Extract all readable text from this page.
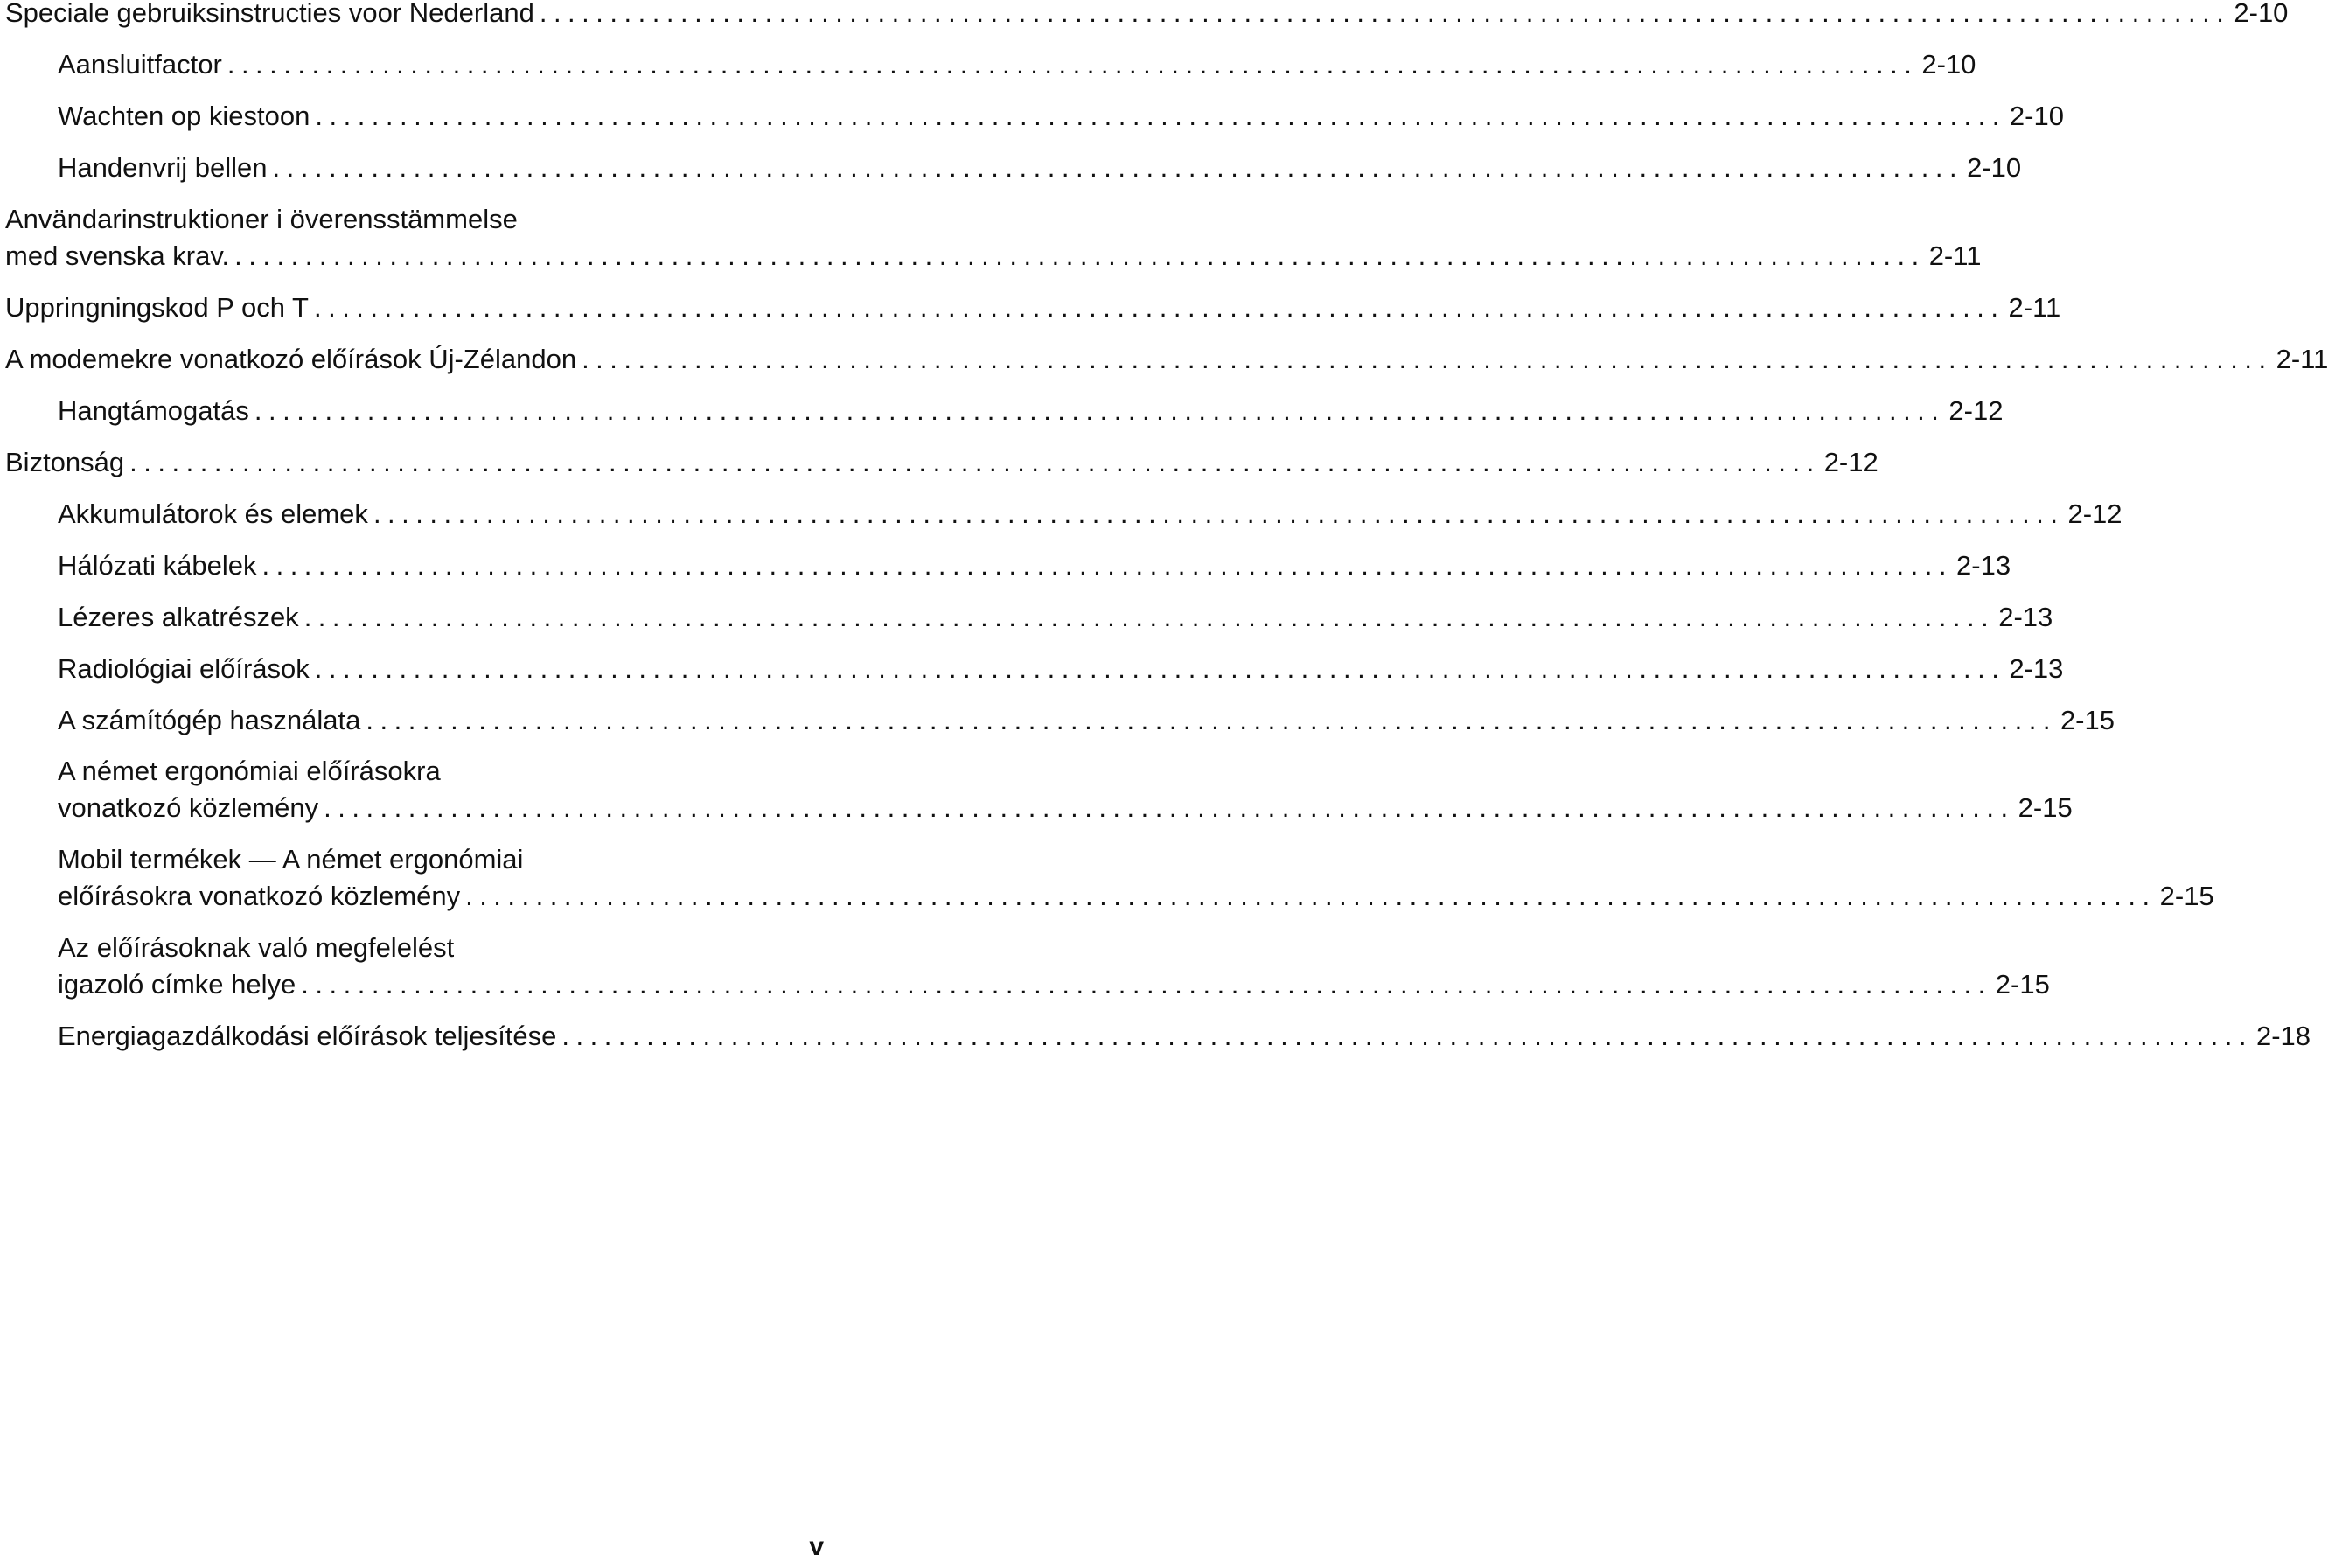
Speciale gebruiksinstructies voor Nederland ........................................................................................................................ 2-10
Aansluitfactor ........................................................................................................................ 2-10
Wachten op kiestoon ........................................................................................................................ 2-10
Handenvrij bellen ........................................................................................................................ 2-10
Användarinstruktioner i överensstämmelse
med svenska krav. ........................................................................................................................ 2-11
Uppringningskod P och T ........................................................................................................................ 2-11
A modemekre vonatkozó előírások Új-Zélandon ........................................................................................................................ 2-11
Hangtámogatás ........................................................................................................................ 2-12
Biztonság ........................................................................................................................ 2-12
Akkumulátorok és elemek ........................................................................................................................ 2-12
Hálózati kábelek ........................................................................................................................ 2-13
Lézeres alkatrészek ........................................................................................................................ 2-13
Radiológiai előírások ........................................................................................................................ 2-13
A számítógép használata ........................................................................................................................ 2-15
A német ergonómiai előírásokra
vonatkozó közlemény ........................................................................................................................ 2-15
Mobil termékek — A német ergonómiai
előírásokra vonatkozó közlemény ........................................................................................................................ 2-15
Az előírásoknak való megfelelést
igazoló címke helye ........................................................................................................................ 2-15
Energiagazdálkodási előírások teljesítése ........................................................................................................................ 2-18
v
